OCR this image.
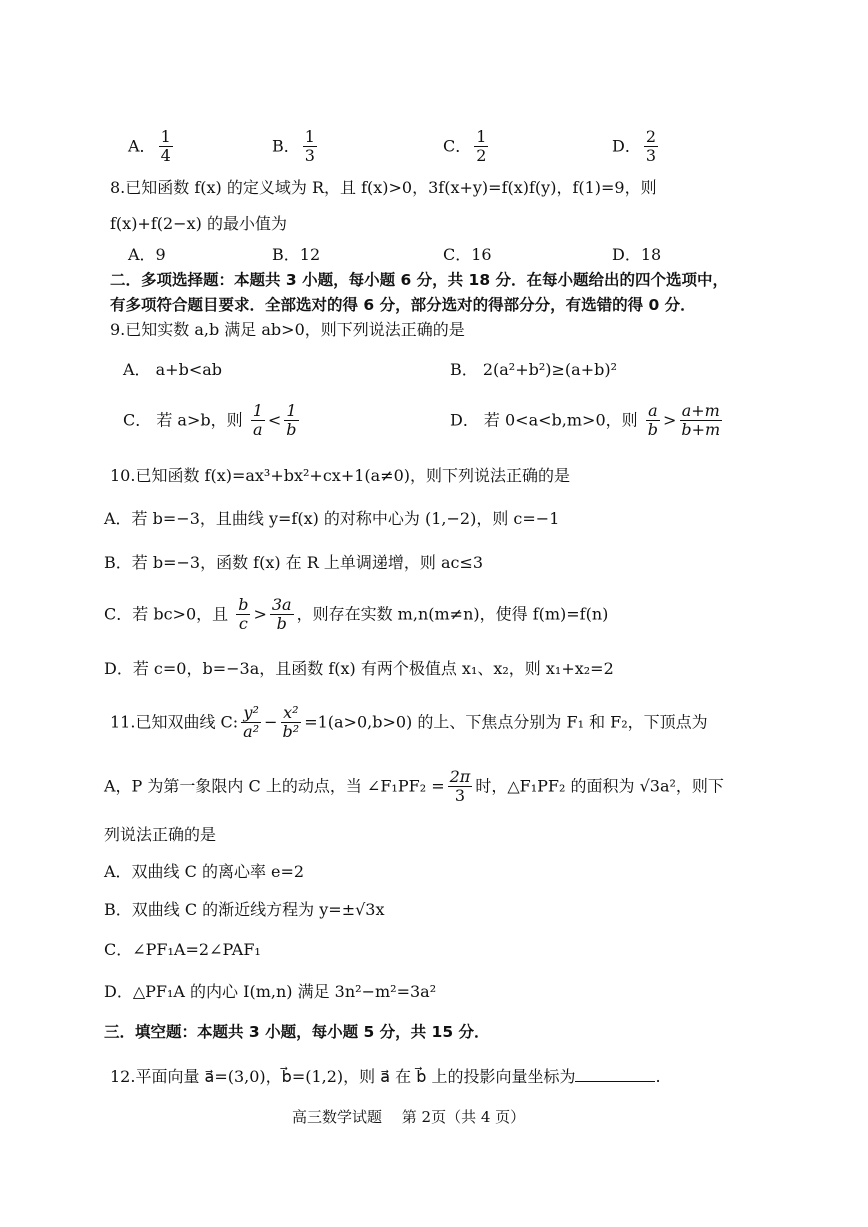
A． $\frac{1}{4}$	B． $\frac{1}{3}$	C． $\frac{1}{2}$	D． $\frac{2}{3}$
8.已知函数 f(x) 的定义域为 R，且 f(x)>0，3f(x+y)=f(x)f(y)，f(1)=9，则
f(x)+f(2−x) 的最小值为
A．9	B．12	C．16	D．18
二．多项选择题：本题共 3 小题，每小题 6 分，共 18 分．在每小题给出的四个选项中，
有多项符合题目要求．全部选对的得 6 分，部分选对的得部分分，有选错的得 0 分．
9.已知实数 a,b 满足 ab>0，则下列说法正确的是
A． a+b<ab	B． 2(a²+b²)≥(a+b)²
C． 若 a>b，则 $\frac{1}{a} < \frac{1}{b}$	D． 若 0<a<b,m>0，则 $\frac{a}{b} > \frac{a+m}{b+m}$
10.已知函数 f(x)=ax³+bx²+cx+1(a≠0)，则下列说法正确的是
A．若 b=−3，且曲线 y=f(x) 的对称中心为 (1,−2)，则 c=−1
B．若 b=−3，函数 f(x) 在 R 上单调递增，则 ac≤3
C．若 bc>0，且 $\frac{b}{c} > \frac{3a}{b}$ ，则存在实数 m,n(m≠n)，使得 f(m)=f(n)
D．若 c=0，b=−3a，且函数 f(x) 有两个极值点 x₁、x₂，则 x₁+x₂=2
11.已知双曲线 C: $\frac{\text{y²}}{\text{a²}} - \frac{\text{x²}}{\text{b²}} =1(a>0,b>0)$ 的上、下焦点分别为 F₁ 和 F₂，下顶点为
A，P 为第一象限内 C 上的动点，当 ∠F₁PF₂ = $\frac{2\pi}{3}$ 时，△F₁PF₂ 的面积为 √3a²，则下
列说法正确的是
A．双曲线 C 的离心率 e=2
B．双曲线 C 的渐近线方程为 y=±√3x
C．∠PF₁A=2∠PAF₁
D．△PF₁A 的内心 I(m,n) 满足 3n²−m²=3a²
三．填空题：本题共 3 小题，每小题 5 分，共 15 分．
12.平面向量 a⃗=(3,0)，b⃗=(1,2)，则 a⃗ 在 b⃗ 上的投影向量坐标为	.
高三数学试题　 第 2页（共 4 页）
